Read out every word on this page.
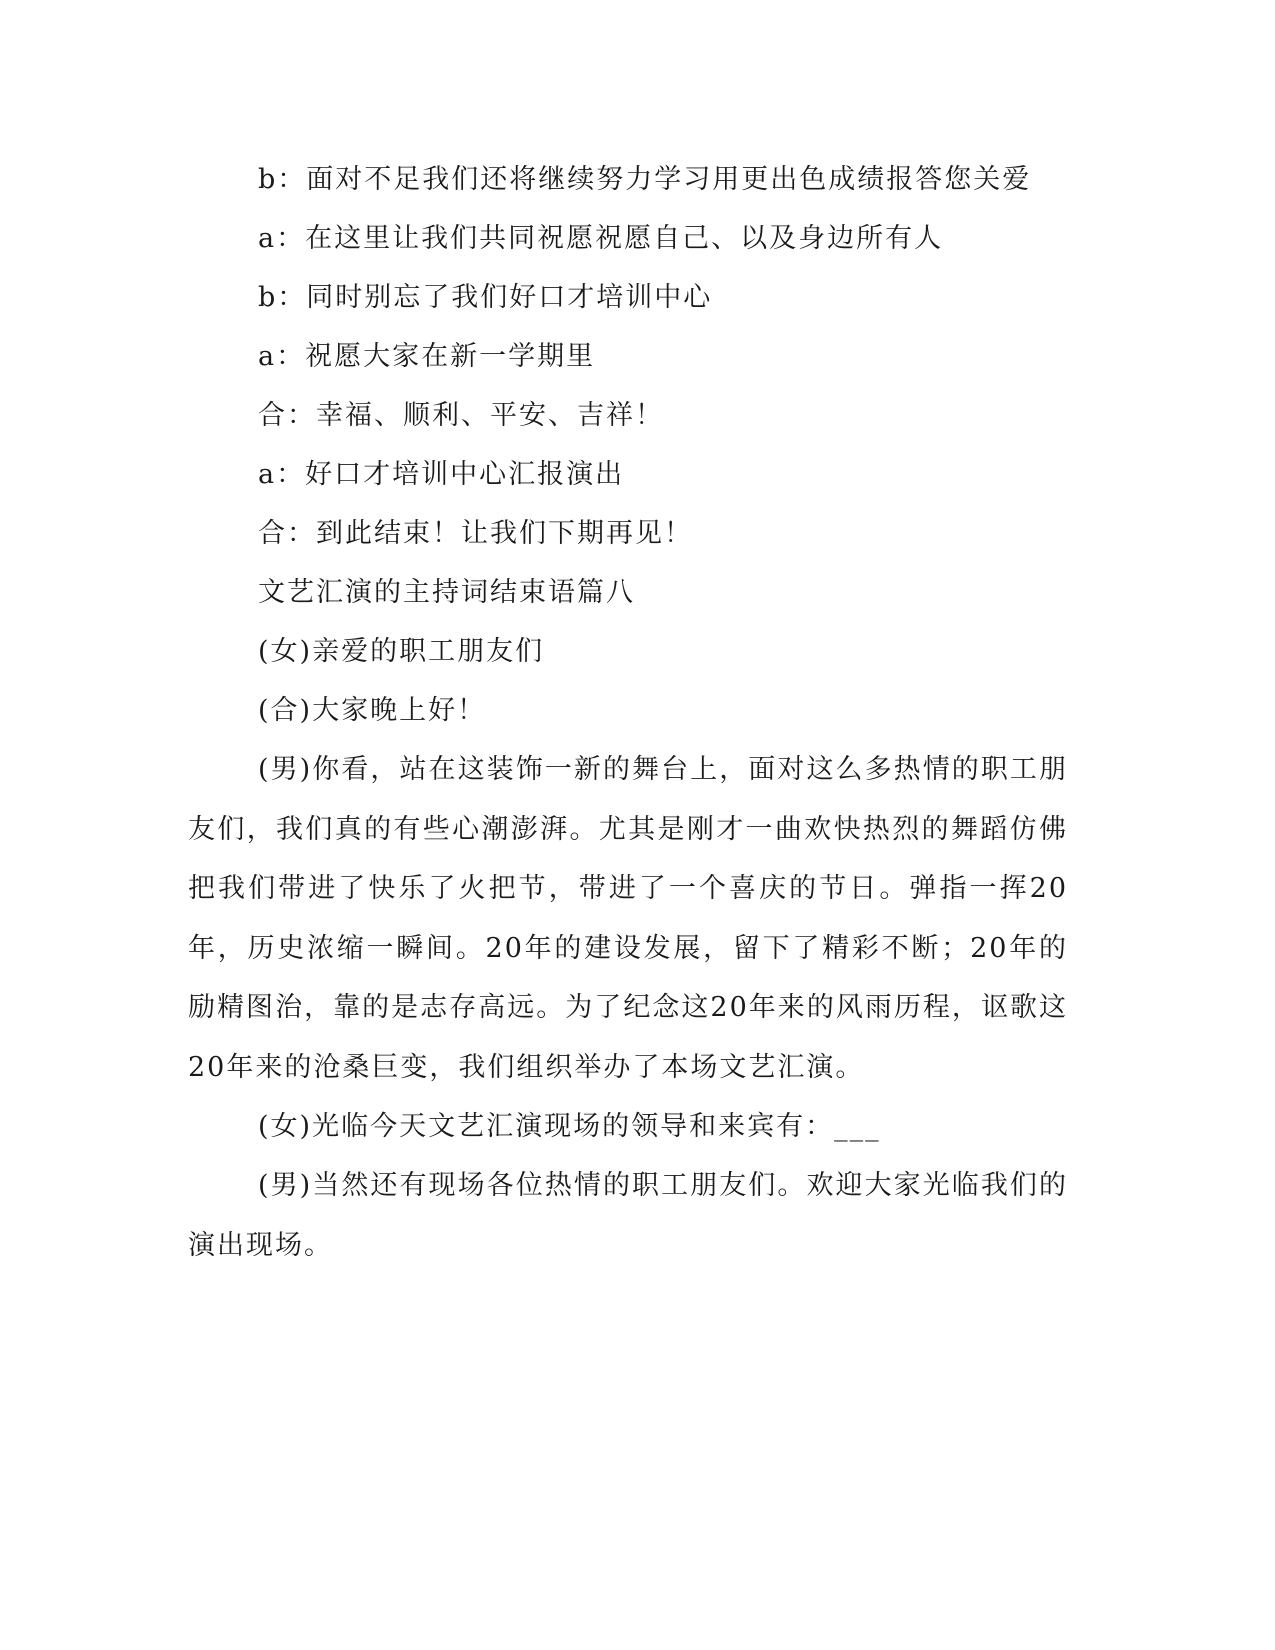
b：面对不足我们还将继续努力学习用更出色成绩报答您关爱
a：在这里让我们共同祝愿祝愿自己、以及身边所有人
b：同时别忘了我们好口才培训中心
a：祝愿大家在新一学期里
合：幸福、顺利、平安、吉祥！
a：好口才培训中心汇报演出
合：到此结束！让我们下期再见！
文艺汇演的主持词结束语篇八
(女)亲爱的职工朋友们
(合)大家晚上好！

(男)你看，站在这装饰一新的舞台上，面对这么多热情的职工朋友们，我们真的有些心潮澎湃。尤其是刚才一曲欢快热烈的舞蹈仿佛把我们带进了快乐了火把节，带进了一个喜庆的节日。弹指一挥20年，历史浓缩一瞬间。20年的建设发展，留下了精彩不断；20年的励精图治，靠的是志存高远。为了纪念这20年来的风雨历程，讴歌这20年来的沧桑巨变，我们组织举办了本场文艺汇演。

(女)光临今天文艺汇演现场的领导和来宾有：___

(男)当然还有现场各位热情的职工朋友们。欢迎大家光临我们的演出现场。
